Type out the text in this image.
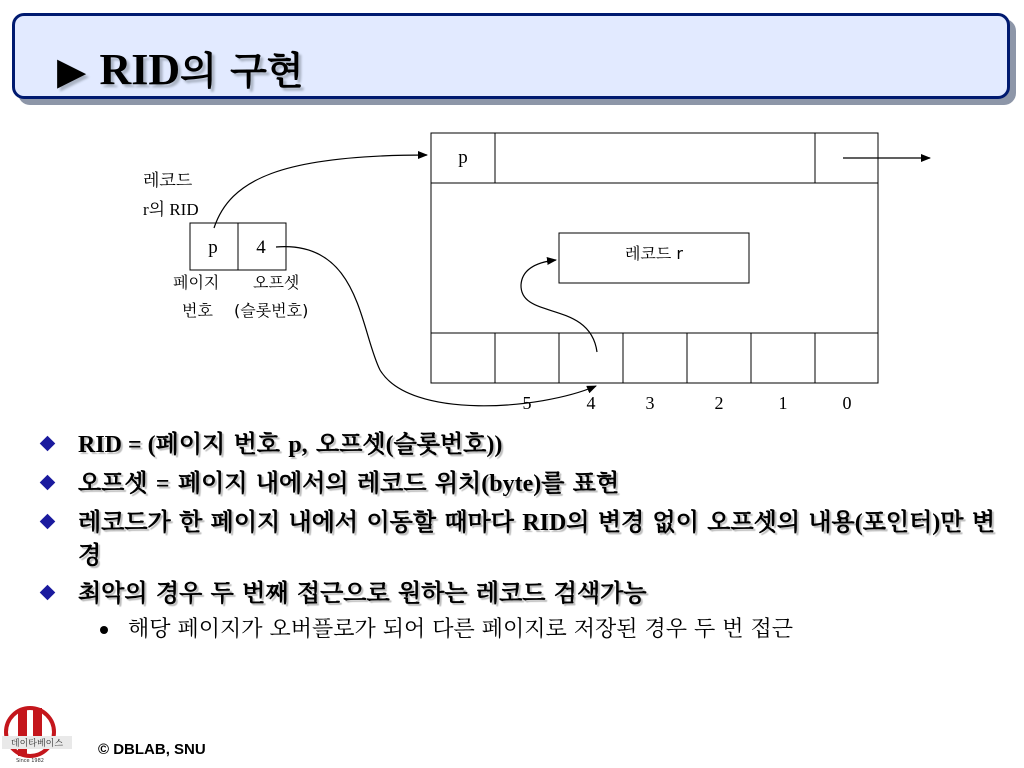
▶ RID의 구현
레코드
r의 RID
p 4
페이지
번호
오프셋
(슬롯번호)
p
레코드 r
5	4	3	2	1	0
RID = (페이지 번호 p, 오프셋(슬롯번호))
오프셋 = 페이지 내에서의 레코드 위치(byte)를 표현
레코드가 한 페이지 내에서 이동할 때마다 RID의 변경 없이 오프셋의 내용(포인터)만 변경
최악의 경우 두 번째 접근으로 원하는 레코드 검색가능
해당 페이지가 오버플로가 되어 다른 페이지로 저장된 경우 두 번 접근
데이타베이스
Since 1982
© DBLAB, SNU
